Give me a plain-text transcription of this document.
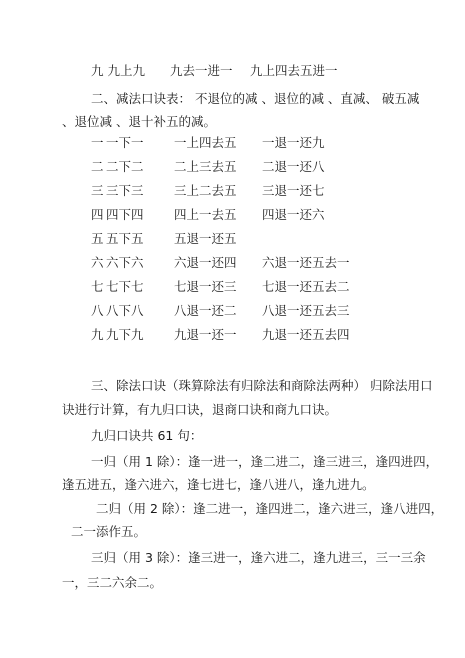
九 九上九 九去一进一 九上四去五进一
二、减法口诀表： 不退位的减 、退位的减 、直减、 破五减
、退位减 、退十补五的减。
一 一下一 一上四去五 一退一还九
二 二下二 二上三去五 二退一还八
三 三下三 三上二去五 三退一还七
四 四下四 四上一去五 四退一还六
五 五下五 五退一还五
六 六下六 六退一还四 六退一还五去一
七 七下七 七退一还三 七退一还五去二
八 八下八 八退一还二 八退一还五去三
九 九下九 九退一还一 九退一还五去四
三、除法口诀（珠算除法有归除法和商除法两种） 归除法用口
诀进行计算，有九归口诀，退商口诀和商九口诀。
九归口诀共 61 句：
一归（用 1 除）：逢一进一，逢二进二，逢三进三，逢四进四，
逢五进五，逢六进六，逢七进七，逢八进八，逢九进九。
二归（用 2 除）：逢二进一，逢四进二，逢六进三，逢八进四，
二一添作五。
三归（用 3 除）：逢三进一，逢六进二，逢九进三，三一三余
一，三二六余二。
